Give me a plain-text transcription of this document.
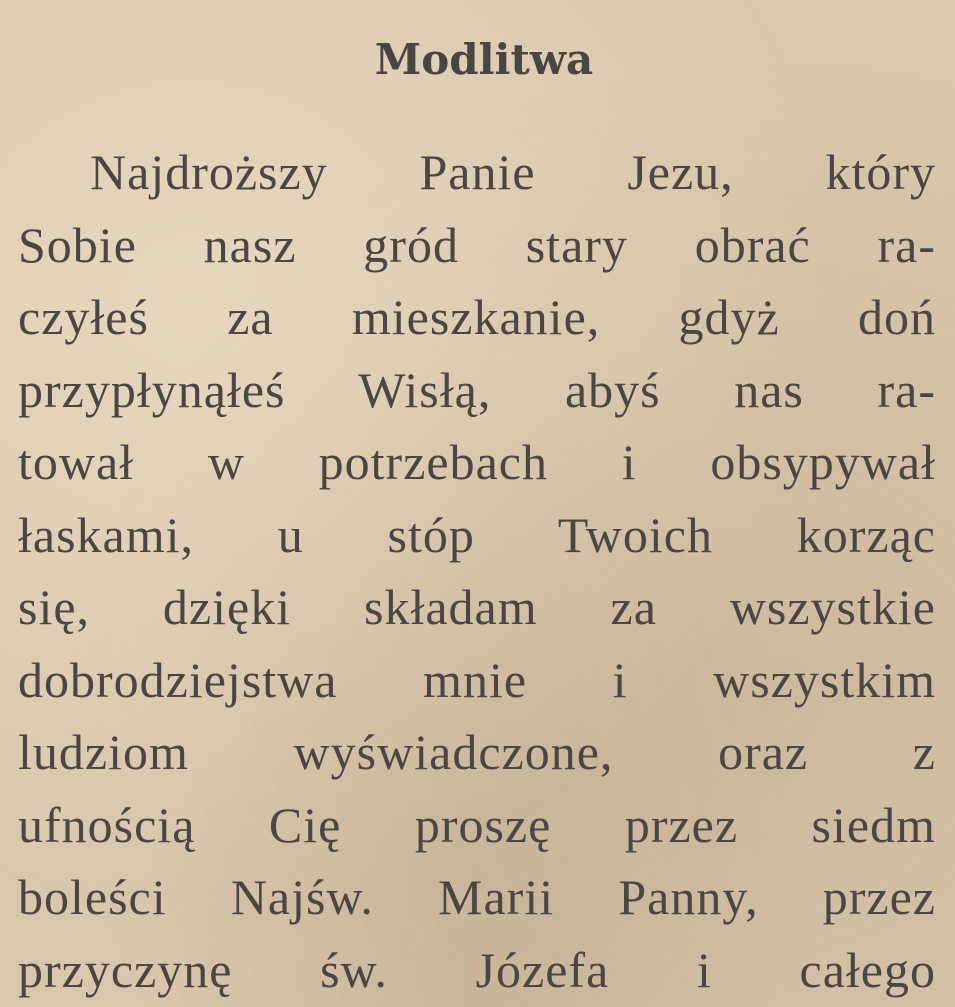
Modlitwa
Najdroższy Panie Jezu, który
Sobie nasz gród stary obrać ra-
czyłeś za mieszkanie, gdyż doń
przypłynąłeś Wisłą, abyś nas ra-
tował w potrzebach i obsypywał
łaskami, u stóp Twoich korząc
się, dzięki składam za wszystkie
dobrodziejstwa mnie i wszystkim
ludziom wyświadczone, oraz z
ufnością Cię proszę przez siedm
boleści Najśw. Marii Panny, przez
przyczynę św. Józefa i całego
